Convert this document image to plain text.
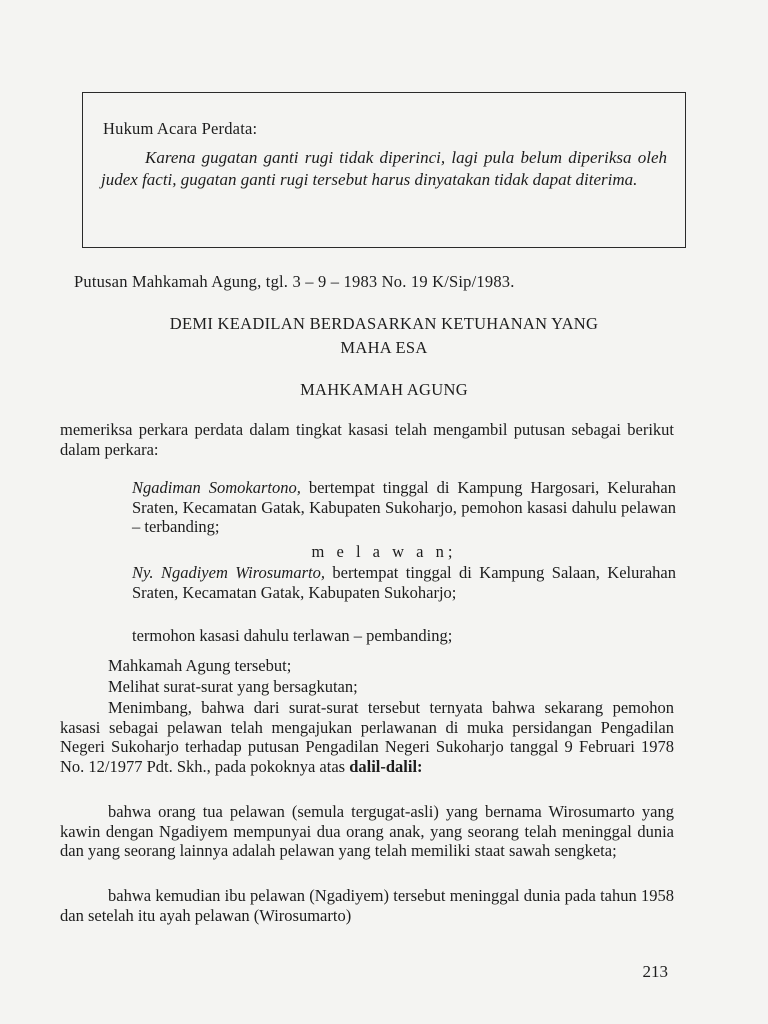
Hukum Acara Perdata:
Karena gugatan ganti rugi tidak diperinci, lagi pula belum diperiksa oleh judex facti, gugatan ganti rugi tersebut harus dinyatakan tidak dapat diterima.
Putusan Mahkamah Agung, tgl. 3 – 9 – 1983 No. 19 K/Sip/1983.
DEMI KEADILAN BERDASARKAN KETUHANAN YANG
MAHA ESA
MAHKAMAH AGUNG
memeriksa perkara perdata dalam tingkat kasasi telah mengambil putusan sebagai berikut dalam perkara:
Ngadiman Somokartono, bertempat tinggal di Kampung Hargosari, Kelurahan Sraten, Kecamatan Gatak, Kabupaten Sukoharjo, pemohon kasasi dahulu pelawan – terbanding;
m e l a w a n;
Ny. Ngadiyem Wirosumarto, bertempat tinggal di Kampung Salaan, Kelurahan Sraten, Kecamatan Gatak, Kabupaten Sukoharjo;
termohon kasasi dahulu terlawan – pembanding;
Mahkamah Agung tersebut;
Melihat surat-surat yang bersagkutan;
Menimbang, bahwa dari surat-surat tersebut ternyata bahwa sekarang pemohon kasasi sebagai pelawan telah mengajukan perlawanan di muka persidangan Pengadilan Negeri Sukoharjo terhadap putusan Pengadilan Negeri Sukoharjo tanggal 9 Februari 1978 No. 12/1977 Pdt. Skh., pada pokoknya atas dalil-dalil:
bahwa orang tua pelawan (semula tergugat-asli) yang bernama Wirosumarto yang kawin dengan Ngadiyem mempunyai dua orang anak, yang seorang telah meninggal dunia dan yang seorang lainnya adalah pelawan yang telah memiliki staat sawah sengketa;
bahwa kemudian ibu pelawan (Ngadiyem) tersebut meninggal dunia pada tahun 1958 dan setelah itu ayah pelawan (Wirosumarto)
213
